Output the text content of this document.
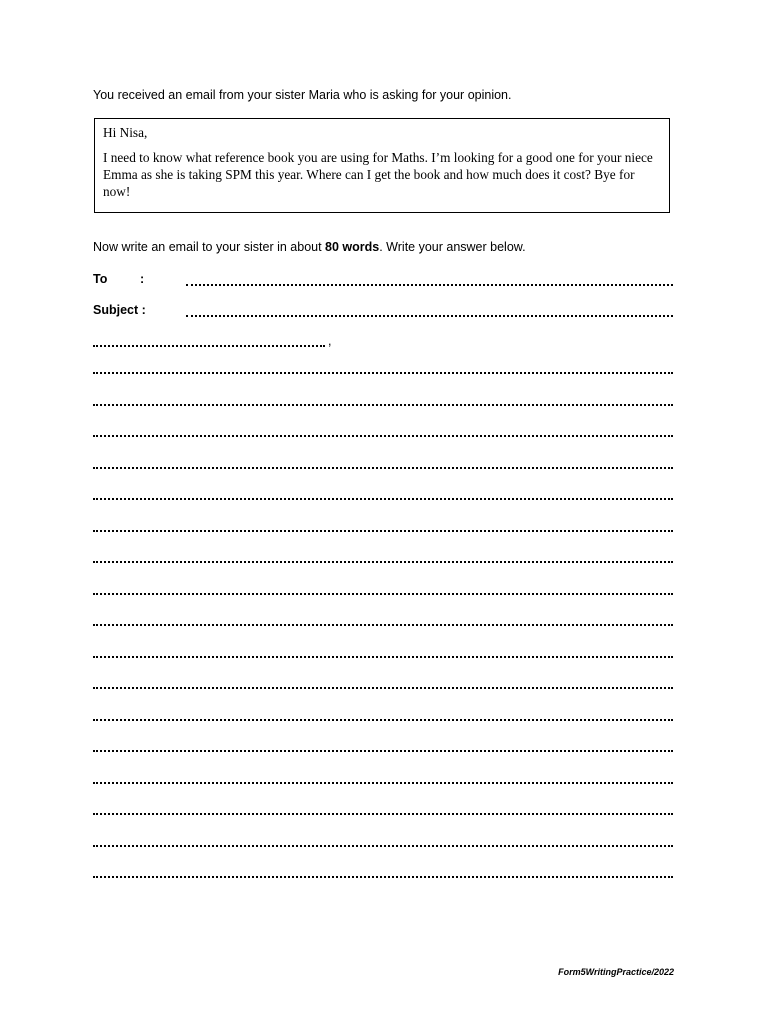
You received an email from your sister Maria who is asking for your opinion.

Hi Nisa,

I need to know what reference book you are using for Maths. I’m looking for a good one for your niece Emma as she is taking SPM this year. Where can I get the book and how much does it cost? Bye for now!

Now write an email to your sister in about 80 words. Write your answer below.
To	:
Subject :
,
Form5WritingPractice/2022
